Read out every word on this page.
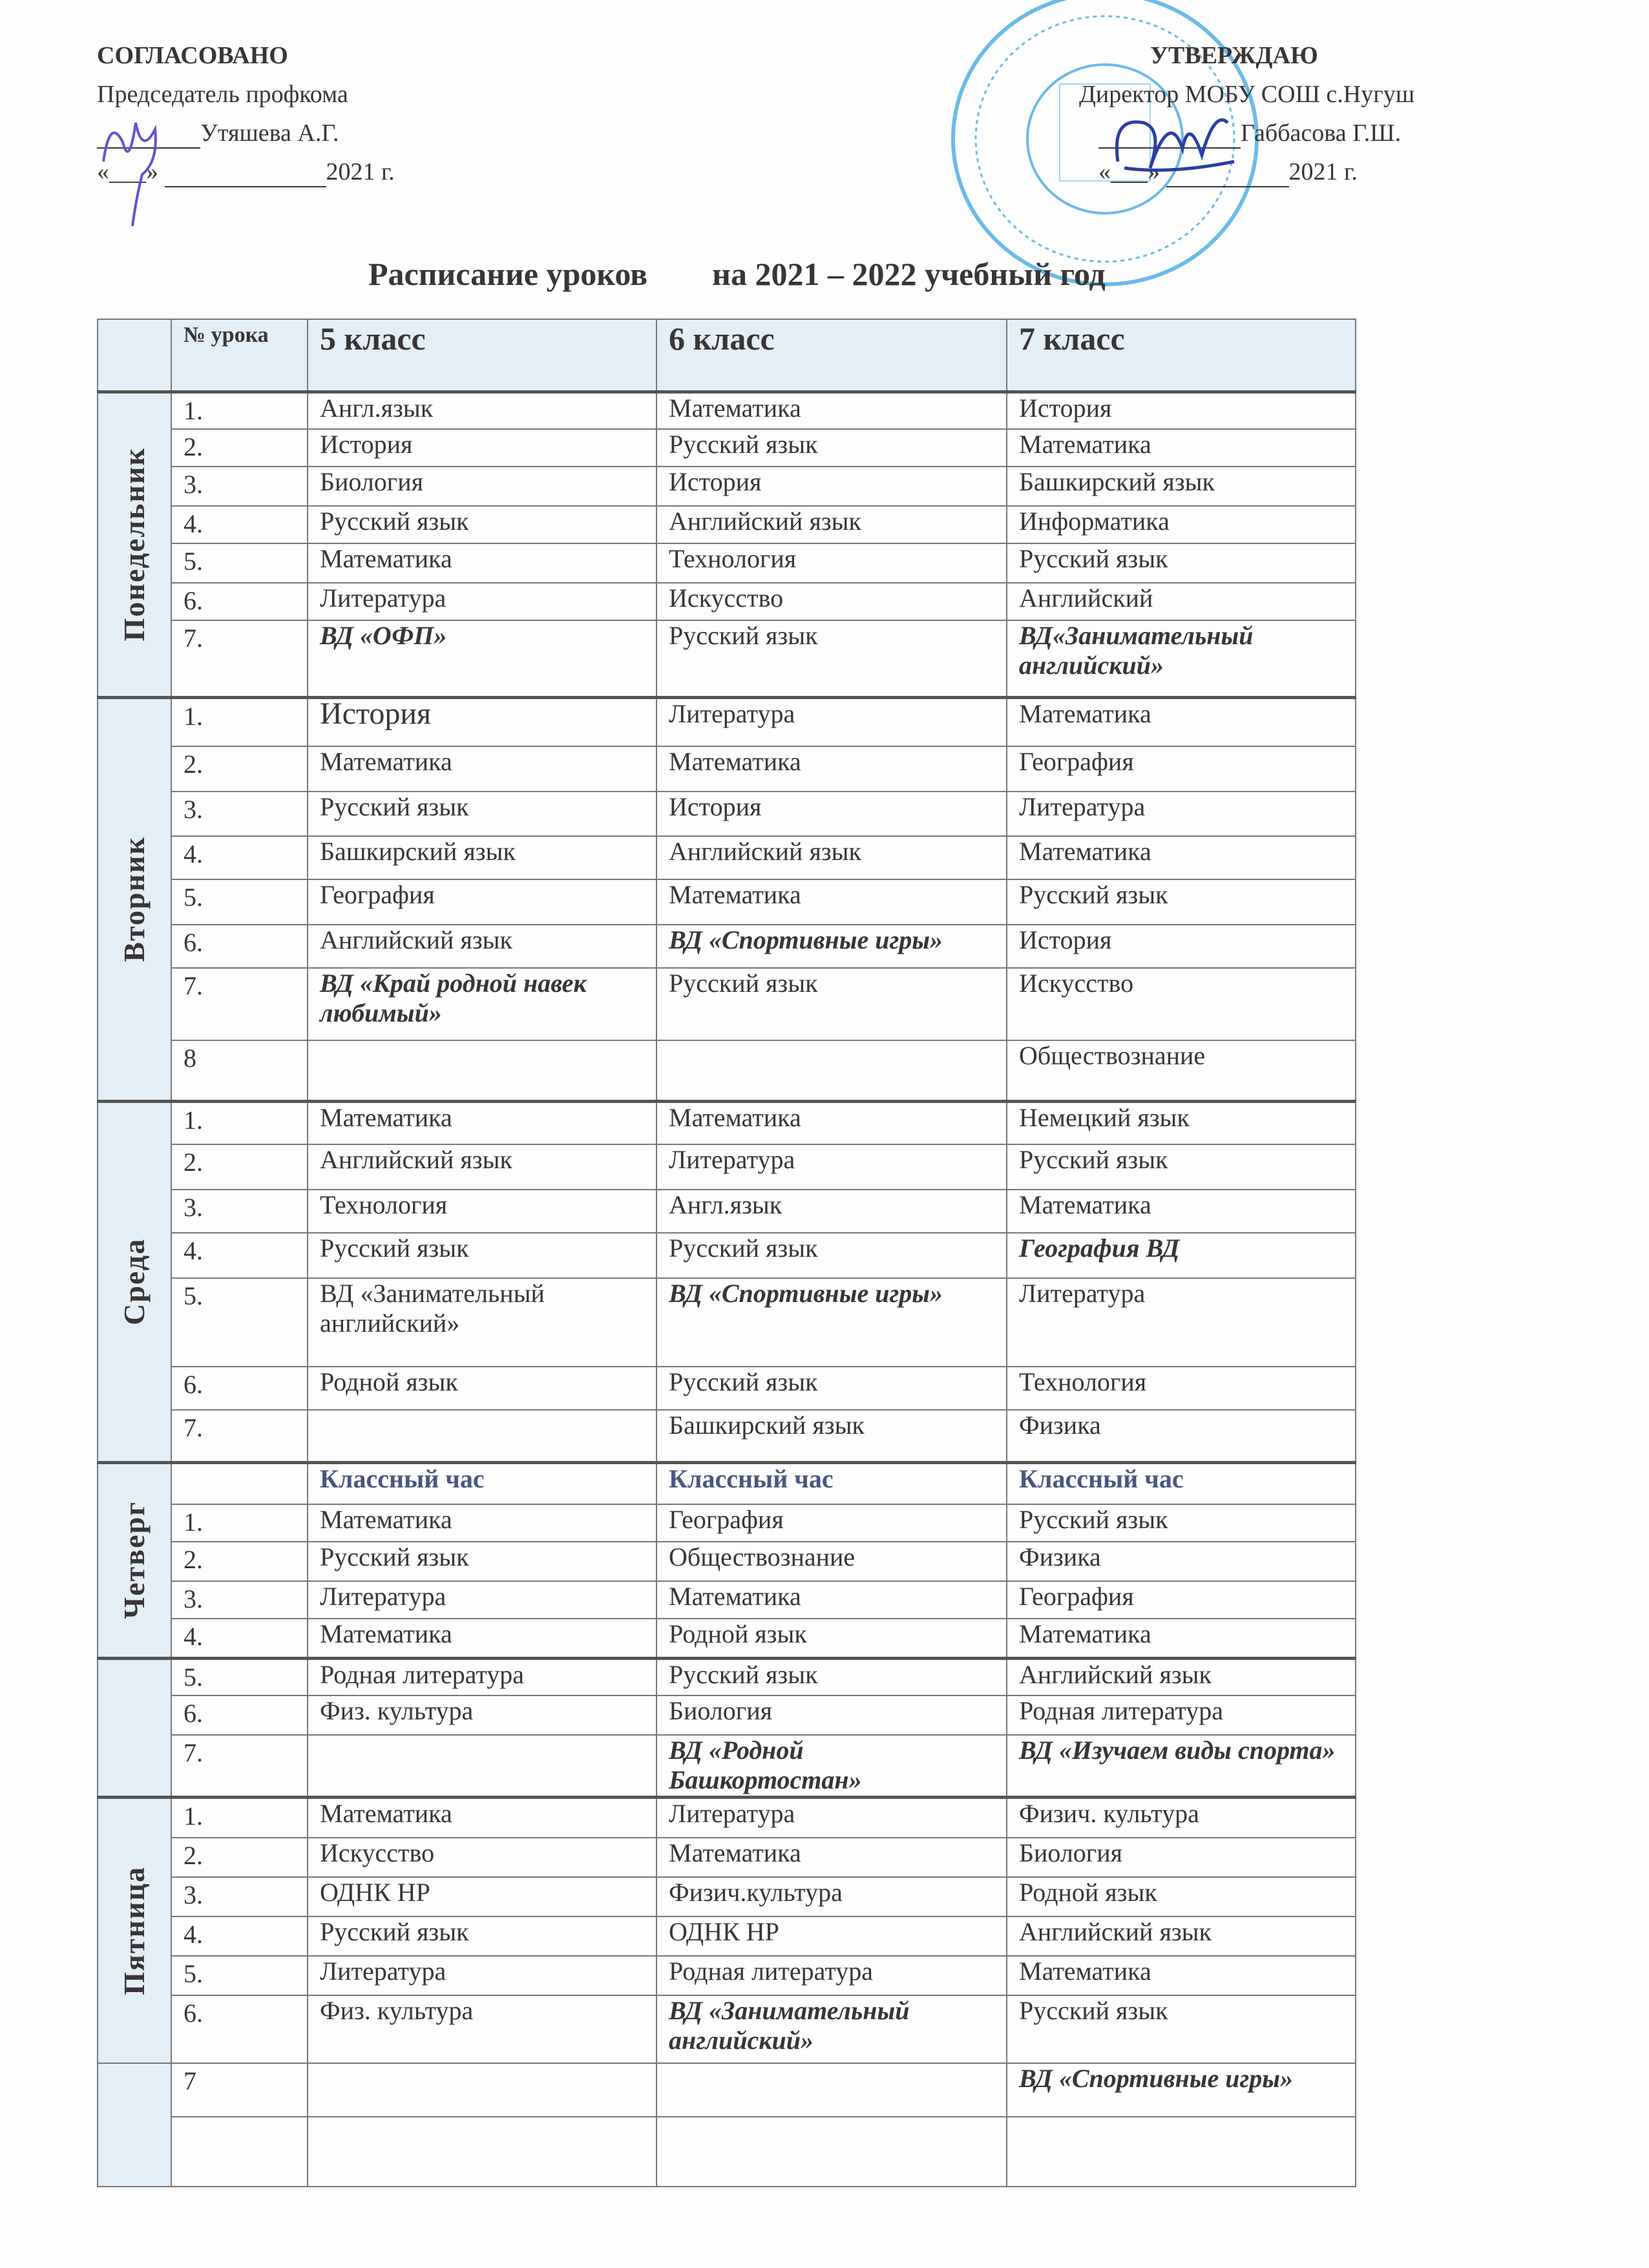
СОГЛАСОВАНО
Председатель профкома
Утяшева А.Г.
«___»	2021 г.
УТВЕРЖДАЮ
Директор МОБУ СОШ с.Нугуш
Габбасова Г.Ш.
«___»	2021 г.
Расписание уроков        на 2021 – 2022 учебный год
	№ урока	5 класс	6 класс	7 класс

Понедельник	1.	Англ.язык	Математика	История
	2.	История	Русский язык	Математика
	3.	Биология	История	Башкирский язык
	4.	Русский язык	Английский язык	Информатика
	5.	Математика	Технология	Русский язык
	6.	Литература	Искусство	Английский
	7.	ВД «ОФП»	Русский язык	ВД«Занимательный английский»

Вторник	1.	История	Литература	Математика
	2.	Математика	Математика	География
	3.	Русский язык	История	Литература
	4.	Башкирский язык	Английский язык	Математика
	5.	География	Математика	Русский язык
	6.	Английский язык	ВД «Спортивные игры»	История
	7.	ВД «Край родной навек любимый»	Русский язык	Искусство
	8			Обществознание

Среда	1.	Математика	Математика	Немецкий язык
	2.	Английский язык	Литература	Русский язык
	3.	Технология	Англ.язык	Математика
	4.	Русский язык	Русский язык	География ВД
	5.	ВД «Занимательный английский»	ВД «Спортивные игры»	Литература
	6.	Родной язык	Русский язык	Технология
	7.		Башкирский язык	Физика

Четверг		Классный час	Классный час	Классный час
	1.	Математика	География	Русский язык
	2.	Русский язык	Обществознание	Физика
	3.	Литература	Математика	География
	4.	Математика	Родной язык	Математика

	5.	Родная литература	Русский язык	Английский язык
	6.	Физ. культура	Биология	Родная литература
	7.		ВД «Родной Башкортостан»	ВД «Изучаем виды спорта»

Пятница	1.	Математика	Литература	Физич. культура
	2.	Искусство	Математика	Биология
	3.	ОДНК НР	Физич.культура	Родной язык
	4.	Русский язык	ОДНК НР	Английский язык
	5.	Литература	Родная литература	Математика
	6.	Физ. культура	ВД «Занимательный английский»	Русский язык

	7			ВД «Спортивные игры»
